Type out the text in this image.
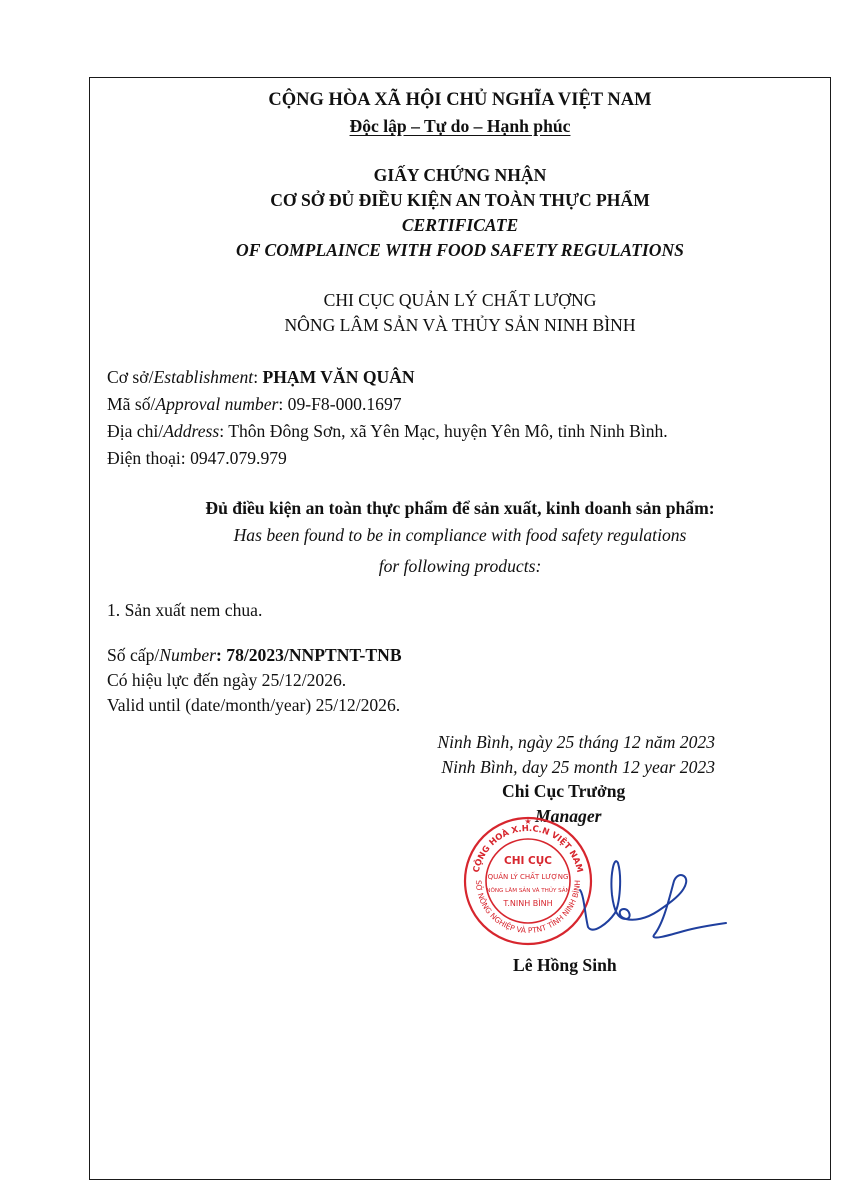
CỘNG HÒA XÃ HỘI CHỦ NGHĨA VIỆT NAM
Độc lập – Tự do – Hạnh phúc
GIẤY CHỨNG NHẬN
CƠ SỞ ĐỦ ĐIỀU KIỆN AN TOÀN THỰC PHẨM
CERTIFICATE
OF COMPLAINCE WITH FOOD SAFETY REGULATIONS
CHI CỤC QUẢN LÝ CHẤT LƯỢNG
NÔNG LÂM SẢN VÀ THỦY SẢN NINH BÌNH
Cơ sở/Establishment: PHẠM VĂN QUÂN
Mã số/Approval number: 09-F8-000.1697
Địa chỉ/Address: Thôn Đông Sơn, xã Yên Mạc, huyện Yên Mô, tỉnh Ninh Bình.
Điện thoại: 0947.079.979
Đủ điều kiện an toàn thực phẩm để sản xuất, kinh doanh sản phẩm:
Has been found to be in compliance with food safety regulations
for following products:
1. Sản xuất nem chua.
Số cấp/Number: 78/2023/NNPTNT-TNB
Có hiệu lực đến ngày 25/12/2026.
Valid until (date/month/year) 25/12/2026.
Ninh Bình, ngày 25 tháng 12 năm 2023
Ninh Bình, day 25 month 12 year 2023
Chi Cục Trưởng
Manager
CỘNG HOÀ X.H.C.N VIỆT NAM
SỞ NÔNG NGHIỆP VÀ PTNT TỈNH NINH BÌNH
CHI CỤC
QUẢN LÝ CHẤT LƯỢNG
NÔNG LÂM SẢN VÀ THỦY SẢN
T.NINH BÌNH
★
Lê Hồng Sinh
